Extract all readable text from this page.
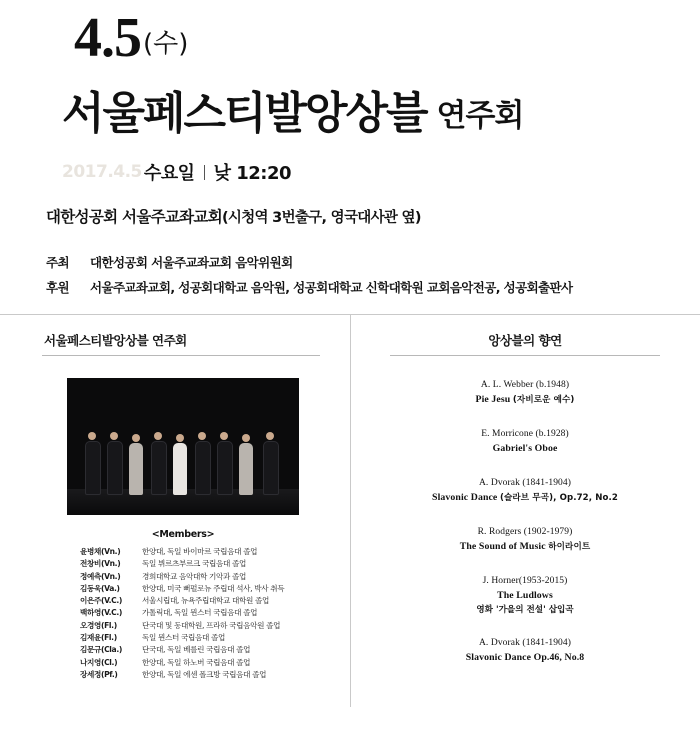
4.5 (수)
서울페스티발앙상블 연주회
2017.4.5 수요일 낮 12:20
대한성공회 서울주교좌교회(시청역 3번출구, 영국대사관 옆)
주최	대한성공회 서울주교좌교회 음악위원회
후원	서울주교좌교회, 성공회대학교 음악원, 성공회대학교 신학대학원 교회음악전공, 성공회출판사
서울페스티발앙상블 연주회
<Members>
윤병채(Vn.)	한양대, 독일 바이마르 국립음대 졸업
전창비(Vn.)	독일 뷔르츠부르크 국립음대 졸업
정예측(Vn.)	경희대학교 음악대학 기악과 졸업
김동욱(Va.)	한양대, 미국 뻐펄로뉴 주립대 석사, 박사 취득
이은주(V.C.)	서울시립대, 뉴욕주립대학교 대학원 졸업
백하영(V.C.)	가톨릭대, 독일 뮌스터 국립음대 졸업
오경영(Fl.)	단국대 및 동대학원, 프라하 국립음악원 졸업
김재윤(Fl.)	독일 뮌스터 국립음대 졸업
김문규(Cla.)	단국대, 독일 베를린 국립음대 졸업
나지영(Cl.)	한양대, 독일 하노버 국립음대 졸업
장세정(Pf.)	한양대, 독일 에센 폴크방 국립음대 졸업
앙상블의 향연
A. L. Webber (b.1948)
Pie Jesu (자비로운 예수)
E. Morricone (b.1928)
Gabriel's Oboe
A. Dvorak (1841-1904)
Slavonic Dance (슬라브 무곡), Op.72, No.2
R. Rodgers (1902-1979)
The Sound of Music 하이라이트
J. Horner(1953-2015)
The Ludlows
영화 '가을의 전설' 삽입곡
A. Dvorak (1841-1904)
Slavonic Dance Op.46, No.8
